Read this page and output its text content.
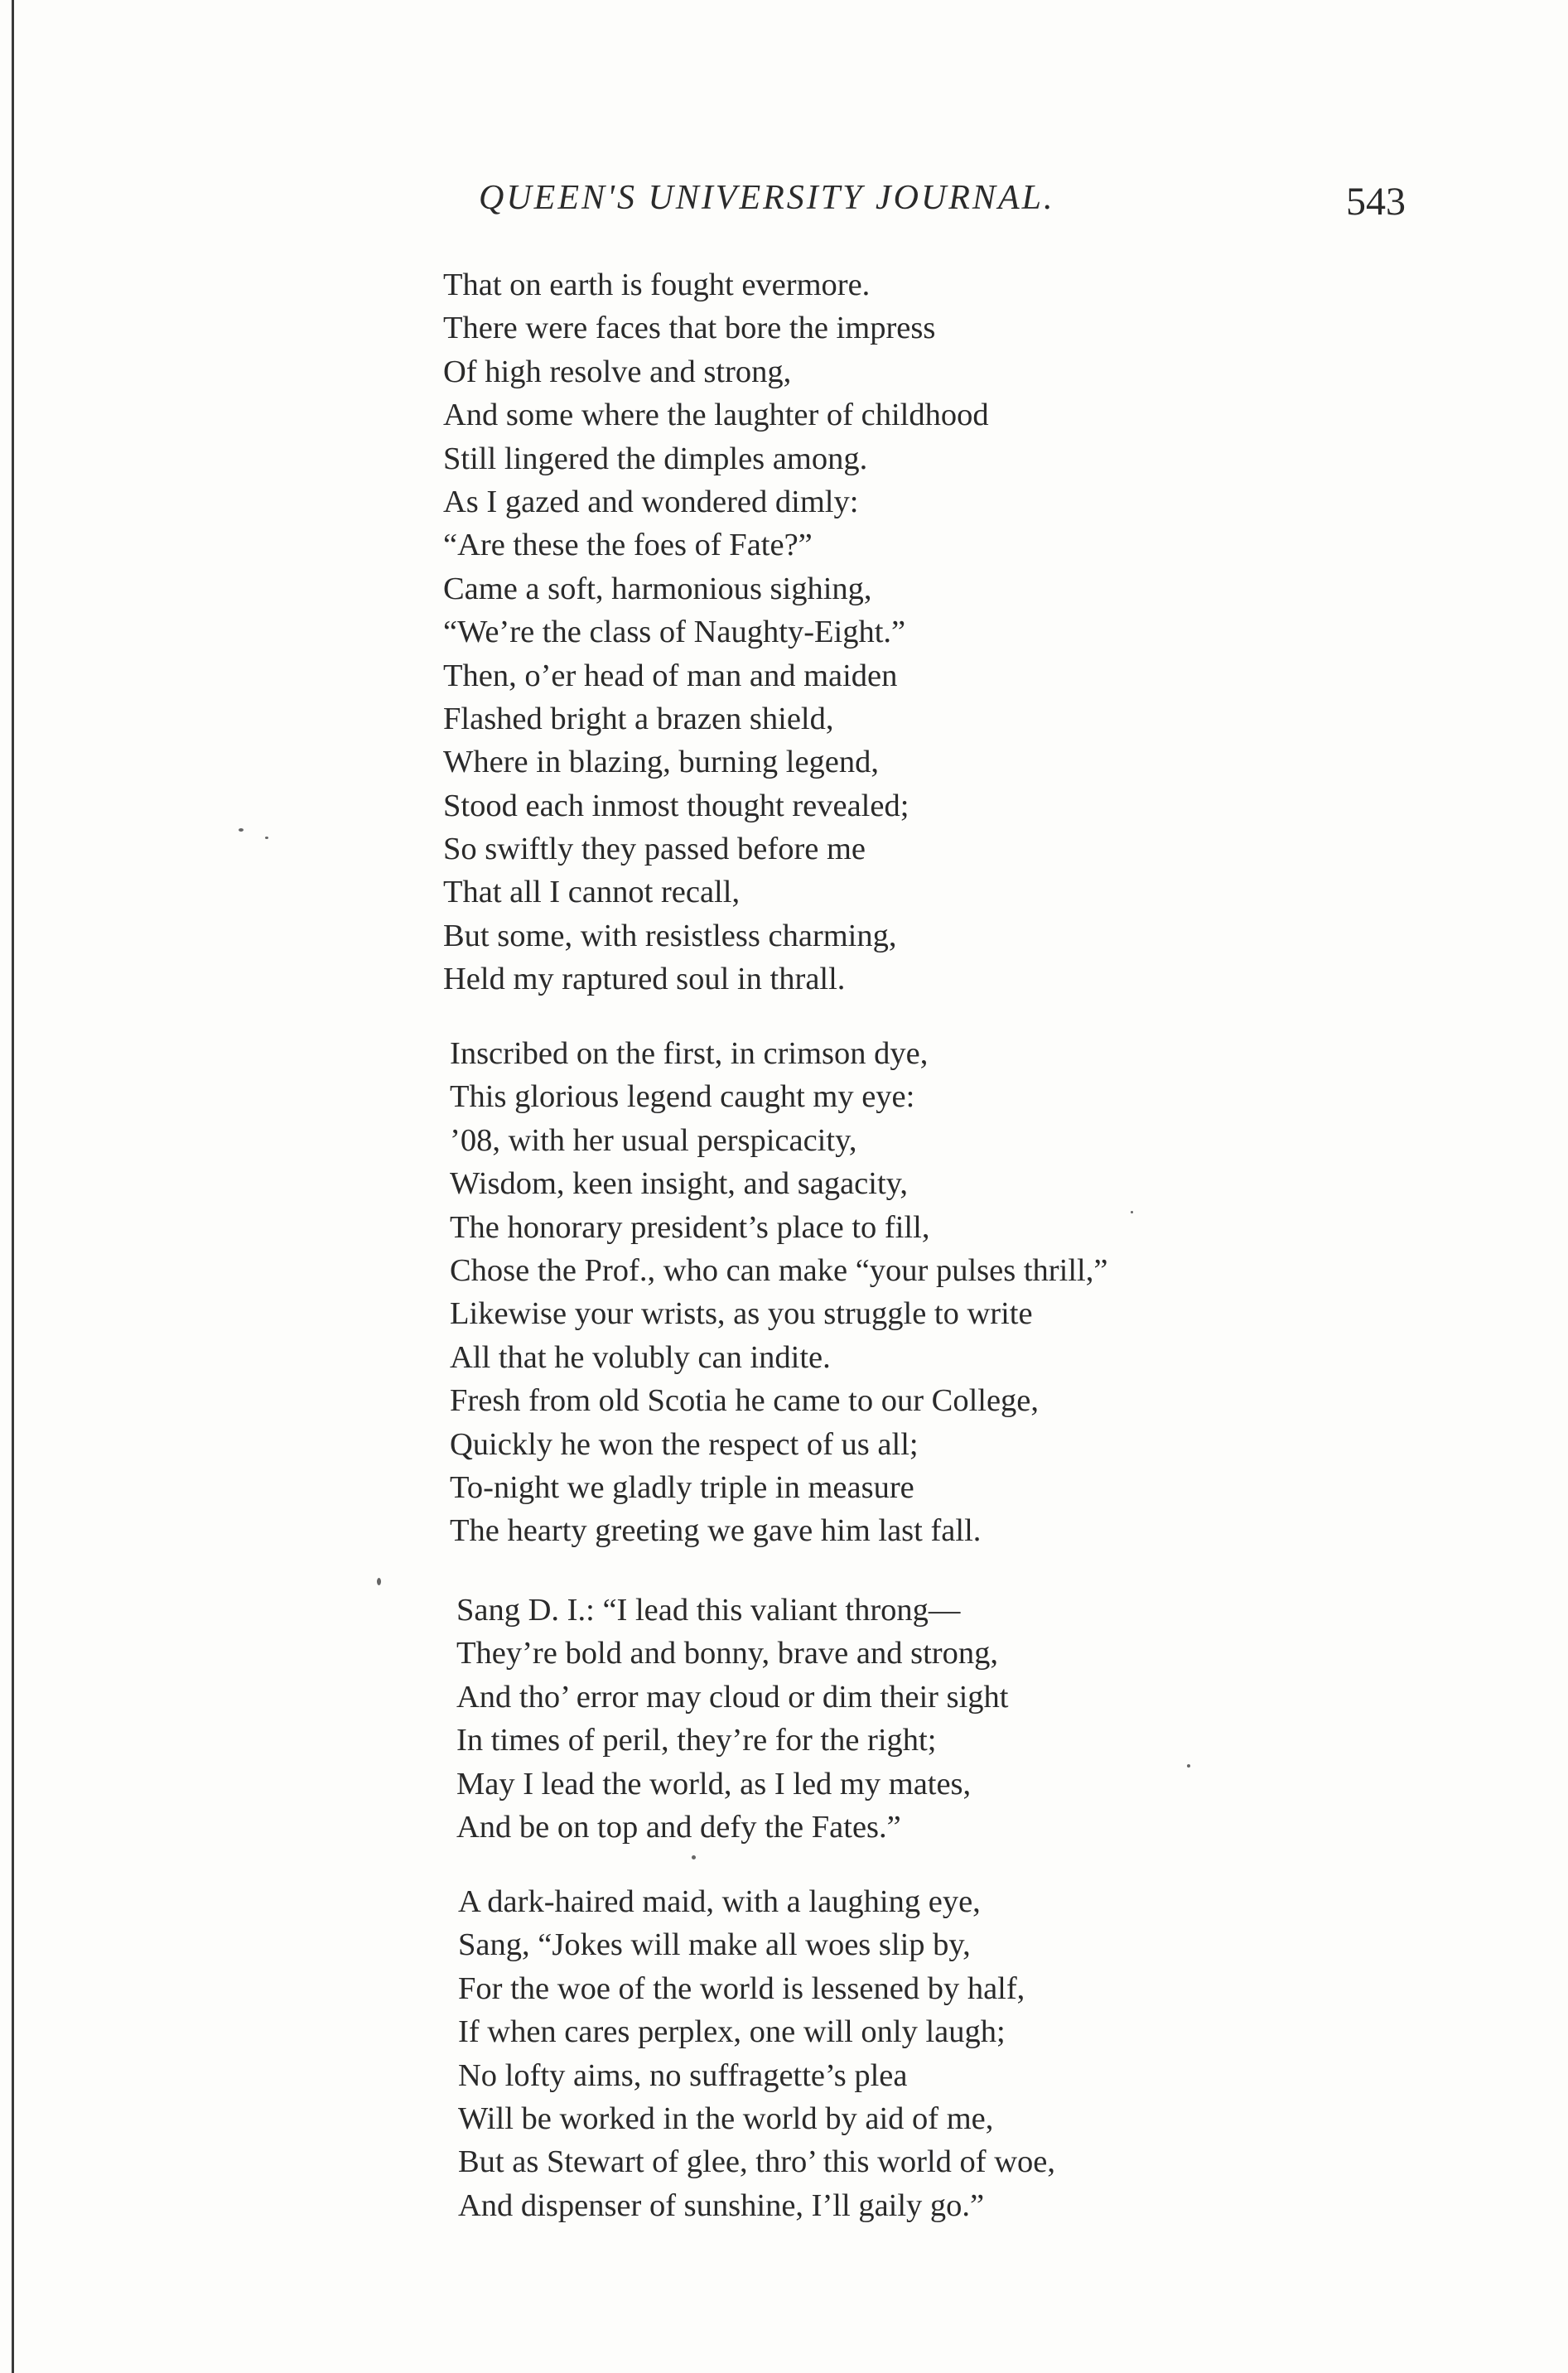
QUEEN'S UNIVERSITY JOURNAL.	543
That on earth is fought evermore.
There were faces that bore the impress
Of high resolve and strong,
And some where the laughter of childhood
Still lingered the dimples among.
As I gazed and wondered dimly:
“Are these the foes of Fate?”
Came a soft, harmonious sighing,
“We’re the class of Naughty-Eight.”
Then, o’er head of man and maiden
Flashed bright a brazen shield,
Where in blazing, burning legend,
Stood each inmost thought revealed;
So swiftly they passed before me
That all I cannot recall,
But some, with resistless charming,
Held my raptured soul in thrall.
Inscribed on the first, in crimson dye,
This glorious legend caught my eye:
’08, with her usual perspicacity,
Wisdom, keen insight, and sagacity,
The honorary president’s place to fill,
Chose the Prof., who can make “your pulses thrill,”
Likewise your wrists, as you struggle to write
All that he volubly can indite.
Fresh from old Scotia he came to our College,
Quickly he won the respect of us all;
To-night we gladly triple in measure
The hearty greeting we gave him last fall.
Sang D. I.: “I lead this valiant throng—
They’re bold and bonny, brave and strong,
And tho’ error may cloud or dim their sight
In times of peril, they’re for the right;
May I lead the world, as I led my mates,
And be on top and defy the Fates.”
A dark-haired maid, with a laughing eye,
Sang, “Jokes will make all woes slip by,
For the woe of the world is lessened by half,
If when cares perplex, one will only laugh;
No lofty aims, no suffragette’s plea
Will be worked in the world by aid of me,
But as Stewart of glee, thro’ this world of woe,
And dispenser of sunshine, I’ll gaily go.”
